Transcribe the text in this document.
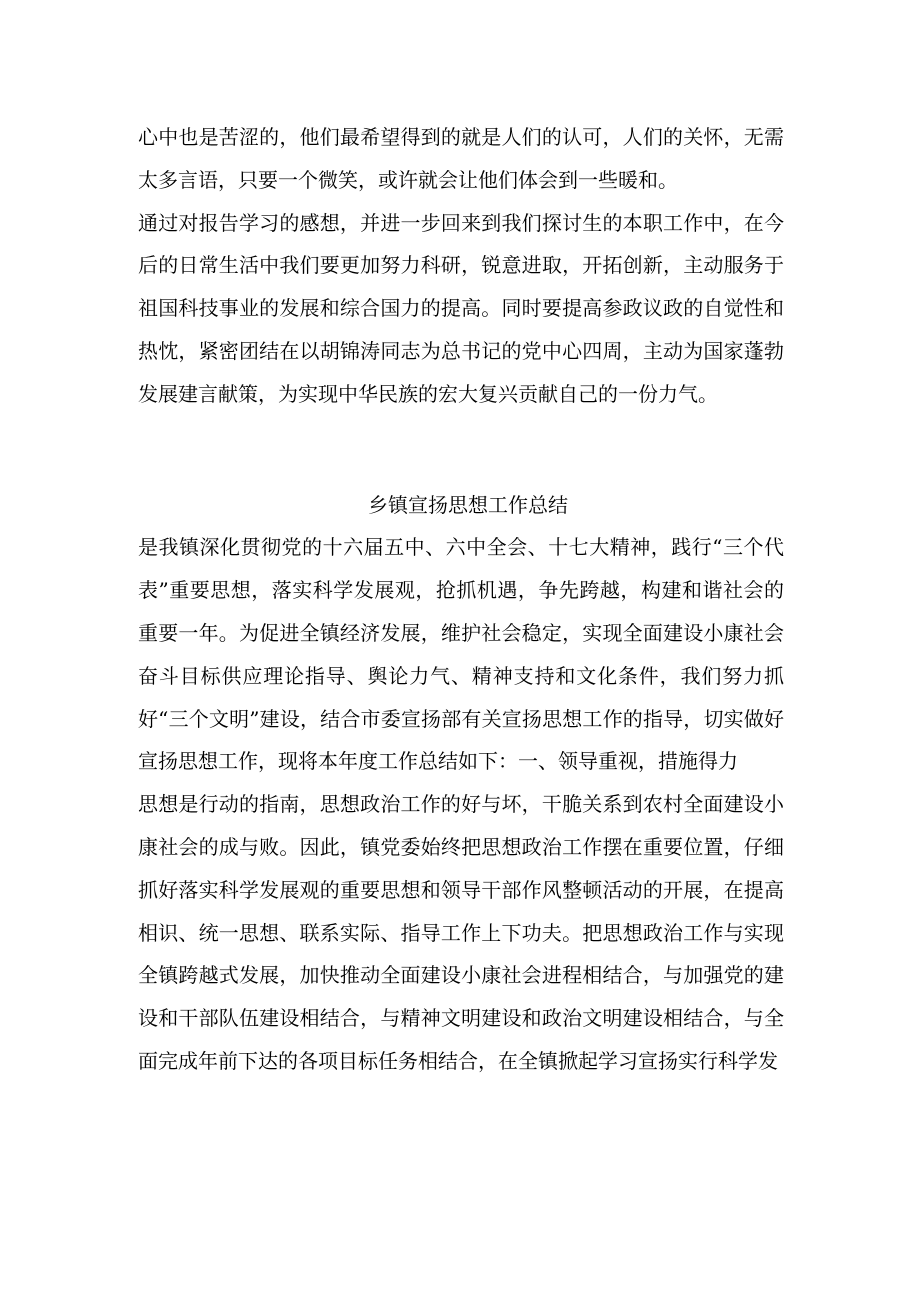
心中也是苦涩的，他们最希望得到的就是人们的认可，人们的关怀，无需太多言语，只要一个微笑，或许就会让他们体会到一些暖和。

通过对报告学习的感想，并进一步回来到我们探讨生的本职工作中，在今后的日常生活中我们要更加努力科研，锐意进取，开拓创新，主动服务于祖国科技事业的发展和综合国力的提高。同时要提高参政议政的自觉性和热忱，紧密团结在以胡锦涛同志为总书记的党中心四周，主动为国家蓬勃发展建言献策，为实现中华民族的宏大复兴贡献自己的一份力气。

乡镇宣扬思想工作总结

是我镇深化贯彻党的十六届五中、六中全会、十七大精神，践行“三个代表”重要思想，落实科学发展观，抢抓机遇，争先跨越，构建和谐社会的重要一年。为促进全镇经济发展，维护社会稳定，实现全面建设小康社会奋斗目标供应理论指导、舆论力气、精神支持和文化条件，我们努力抓好“三个文明”建设，结合市委宣扬部有关宣扬思想工作的指导，切实做好宣扬思想工作，现将本年度工作总结如下：一、领导重视，措施得力

思想是行动的指南，思想政治工作的好与坏，干脆关系到农村全面建设小康社会的成与败。因此，镇党委始终把思想政治工作摆在重要位置，仔细抓好落实科学发展观的重要思想和领导干部作风整顿活动的开展，在提高相识、统一思想、联系实际、指导工作上下功夫。把思想政治工作与实现全镇跨越式发展，加快推动全面建设小康社会进程相结合，与加强党的建设和干部队伍建设相结合，与精神文明建设和政治文明建设相结合，与全面完成年前下达的各项目标任务相结合，在全镇掀起学习宣扬实行科学发
